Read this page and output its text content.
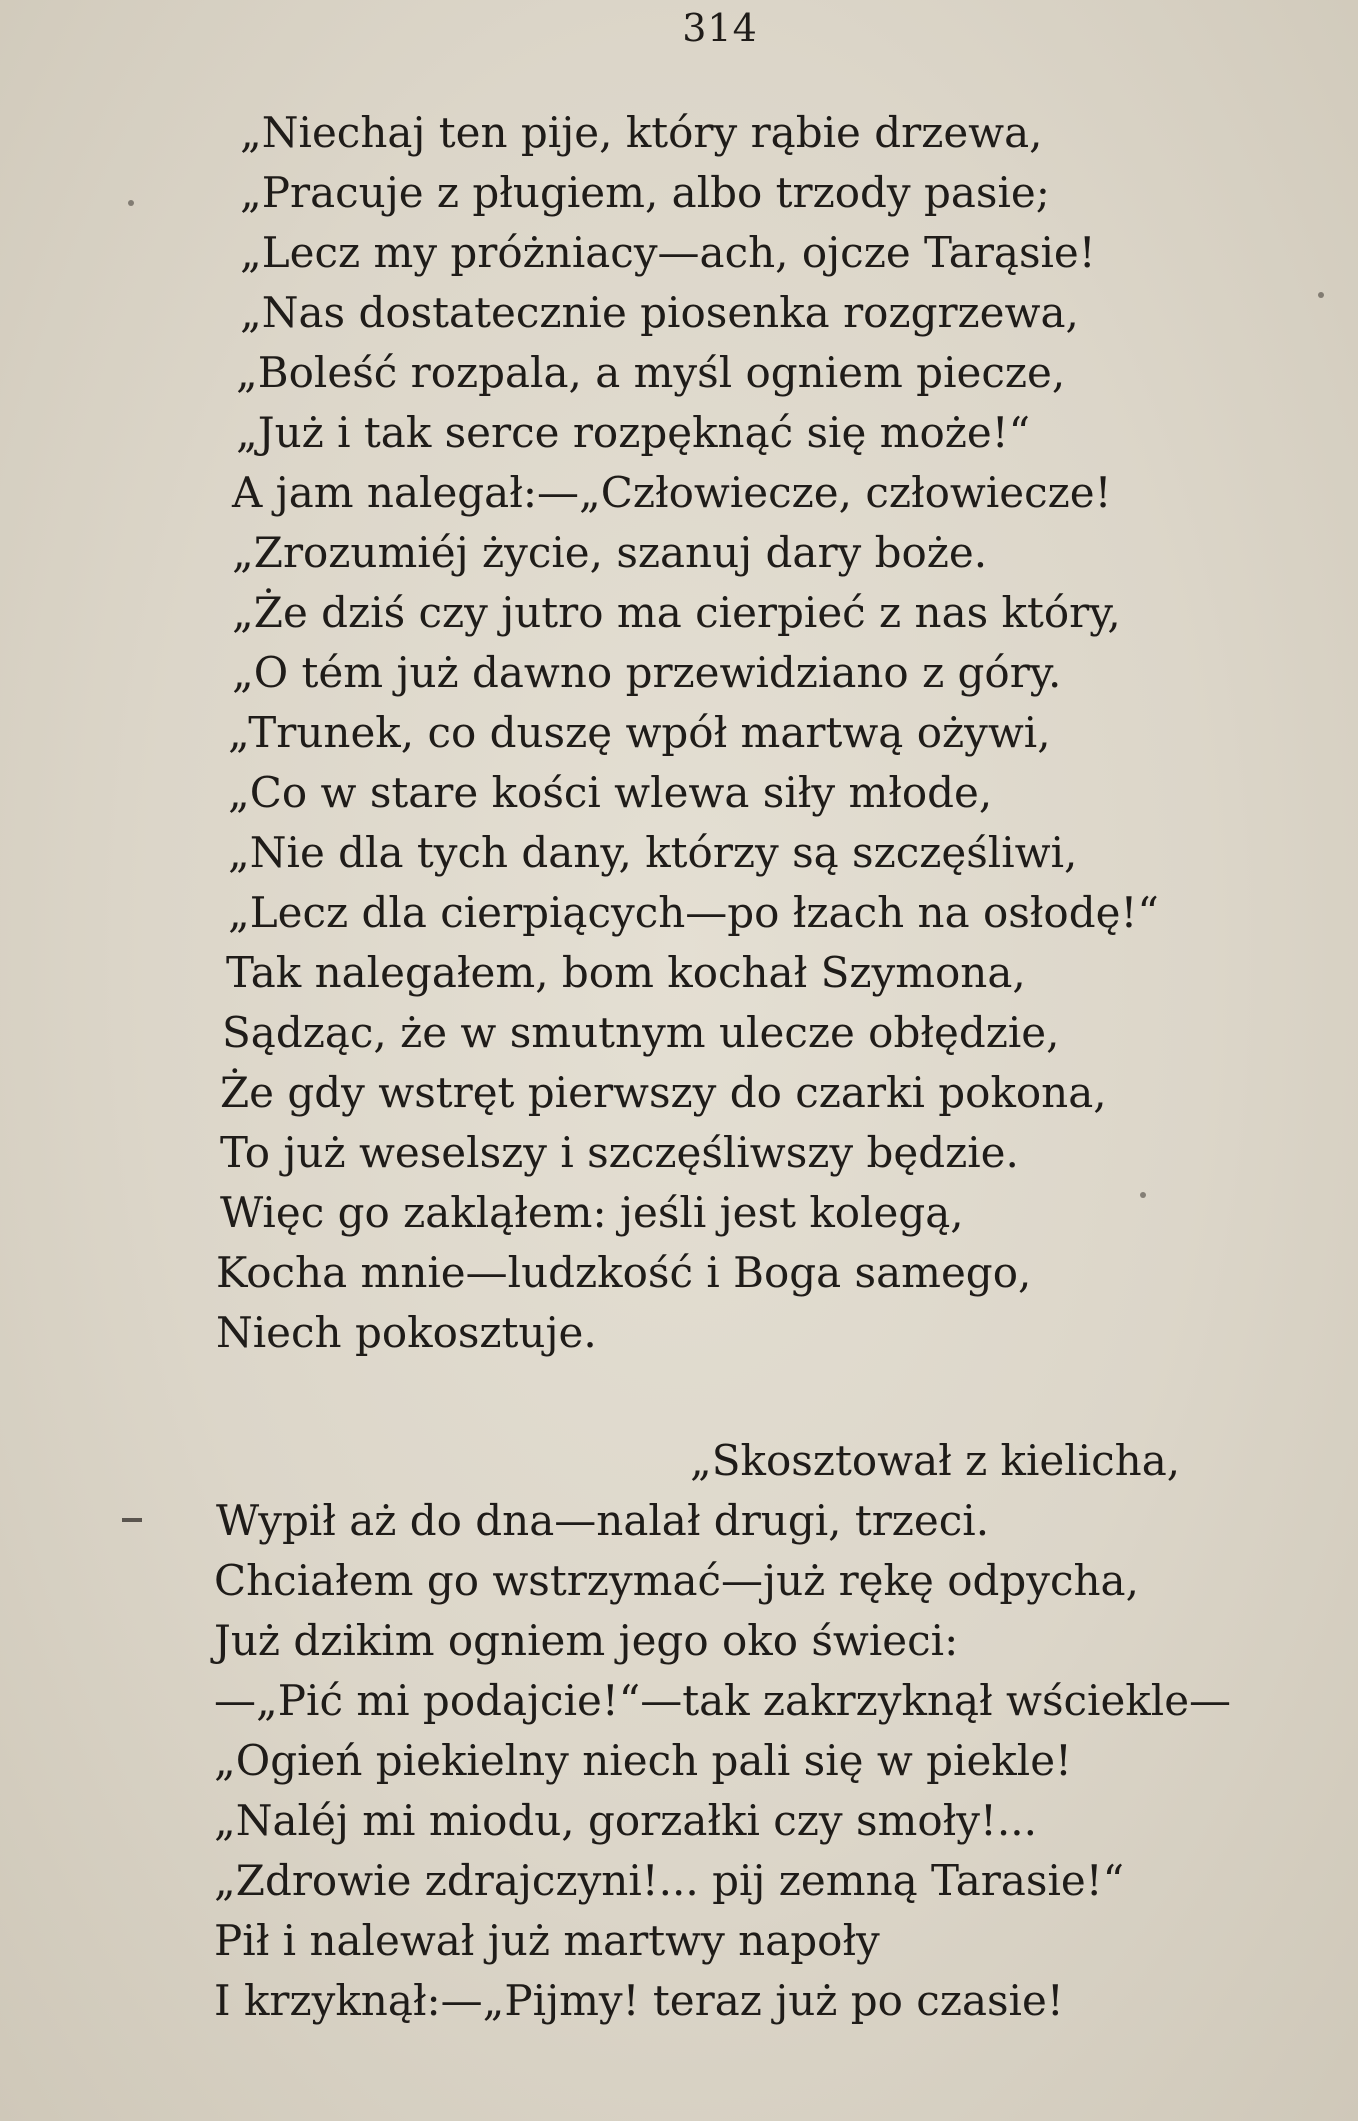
314
„Niechaj ten pije, który rąbie drzewa,
„Pracuje z pługiem, albo trzody pasie;
„Lecz my próżniacy—ach, ojcze Tarąsie!
„Nas dostatecznie piosenka rozgrzewa,
„Boleść rozpala, a myśl ogniem piecze,
„Już i tak serce rozpęknąć się może!“
A jam nalegał:—„Człowiecze, człowiecze!
„Zrozumiéj życie, szanuj dary boże.
„Że dziś czy jutro ma cierpieć z nas który,
„O tém już dawno przewidziano z góry.
„Trunek, co duszę wpół martwą ożywi,
„Co w stare kości wlewa siły młode,
„Nie dla tych dany, którzy są szczęśliwi,
„Lecz dla cierpiących—po łzach na osłodę!“
Tak nalegałem, bom kochał Szymona,
Sądząc, że w smutnym ulecze obłędzie,
Że gdy wstręt pierwszy do czarki pokona,
To już weselszy i szczęśliwszy będzie.
Więc go zakląłem: jeśli jest kolegą,
Kocha mnie—ludzkość i Boga samego,
Niech pokosztuje.
„Skosztował z kielicha,
Wypił aż do dna—nalał drugi, trzeci.
Chciałem go wstrzymać—już rękę odpycha,
Już dzikim ogniem jego oko świeci:
—„Pić mi podajcie!“—tak zakrzyknął wściekle—
„Ogień piekielny niech pali się w piekle!
„Naléj mi miodu, gorzałki czy smoły!...
„Zdrowie zdrajczyni!... pij zemną Tarasie!“
Pił i nalewał już martwy napoły
I krzyknął:—„Pijmy! teraz już po czasie!
